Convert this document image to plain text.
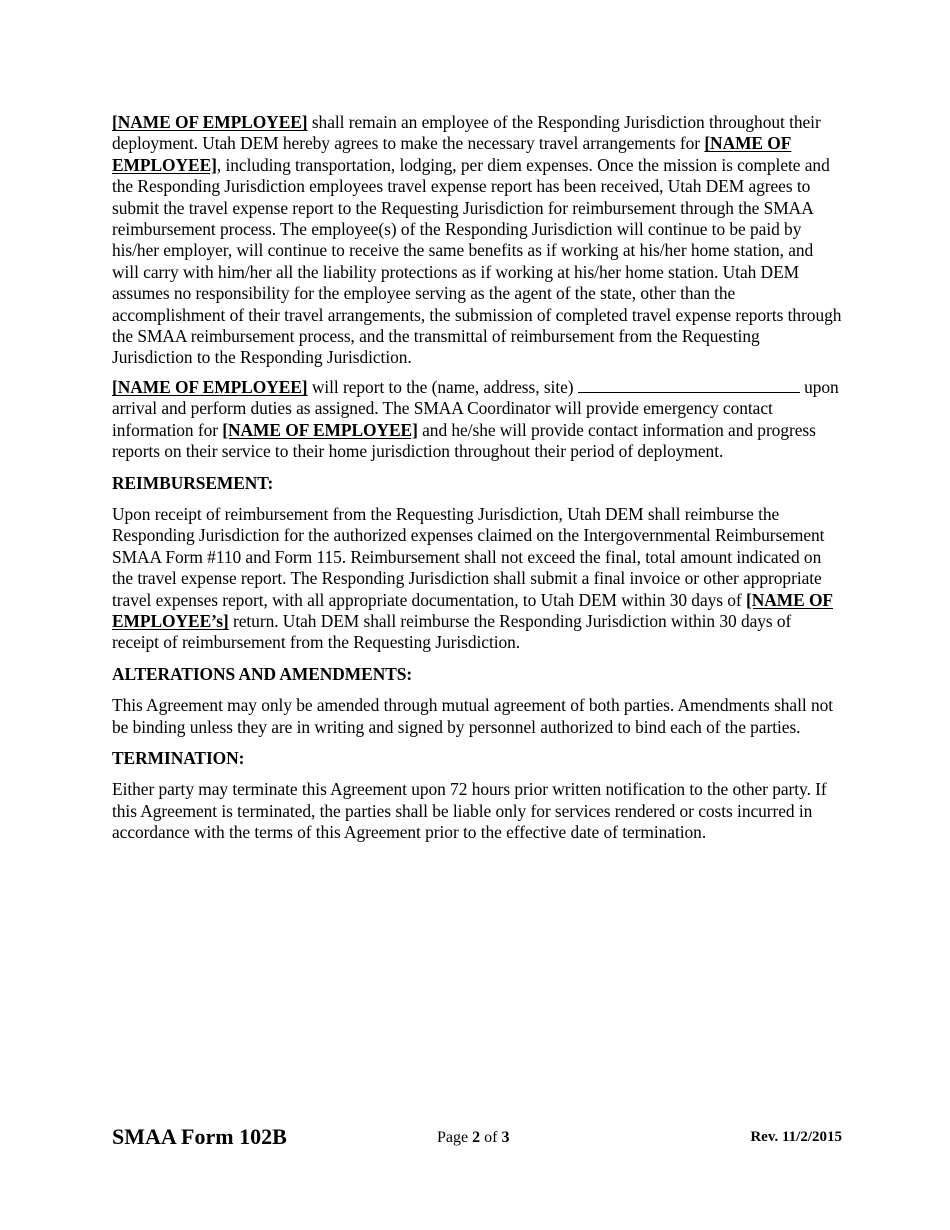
[NAME OF EMPLOYEE] shall remain an employee of the Responding Jurisdiction throughout their deployment. Utah DEM hereby agrees to make the necessary travel arrangements for [NAME OF EMPLOYEE], including transportation, lodging, per diem expenses. Once the mission is complete and the Responding Jurisdiction employees travel expense report has been received, Utah DEM agrees to submit the travel expense report to the Requesting Jurisdiction for reimbursement through the SMAA reimbursement process. The employee(s) of the Responding Jurisdiction will continue to be paid by his/her employer, will continue to receive the same benefits as if working at his/her home station, and will carry with him/her all the liability protections as if working at his/her home station. Utah DEM assumes no responsibility for the employee serving as the agent of the state, other than the accomplishment of their travel arrangements, the submission of completed travel expense reports through the SMAA reimbursement process, and the transmittal of reimbursement from the Requesting Jurisdiction to the Responding Jurisdiction.

[NAME OF EMPLOYEE] will report to the (name, address, site)	upon arrival and perform duties as assigned. The SMAA Coordinator will provide emergency contact information for [NAME OF EMPLOYEE] and he/she will provide contact information and progress reports on their service to their home jurisdiction throughout their period of deployment.

REIMBURSEMENT:

Upon receipt of reimbursement from the Requesting Jurisdiction, Utah DEM shall reimburse the Responding Jurisdiction for the authorized expenses claimed on the Intergovernmental Reimbursement SMAA Form #110 and Form 115. Reimbursement shall not exceed the final, total amount indicated on the travel expense report. The Responding Jurisdiction shall submit a final invoice or other appropriate travel expenses report, with all appropriate documentation, to Utah DEM within 30 days of [NAME OF EMPLOYEE’s] return. Utah DEM shall reimburse the Responding Jurisdiction within 30 days of receipt of reimbursement from the Requesting Jurisdiction.

ALTERATIONS AND AMENDMENTS:

This Agreement may only be amended through mutual agreement of both parties. Amendments shall not be binding unless they are in writing and signed by personnel authorized to bind each of the parties.

TERMINATION:

Either party may terminate this Agreement upon 72 hours prior written notification to the other party. If this Agreement is terminated, the parties shall be liable only for services rendered or costs incurred in accordance with the terms of this Agreement prior to the effective date of termination.

SMAA Form 102B	Page 2 of 3	Rev. 11/2/2015
